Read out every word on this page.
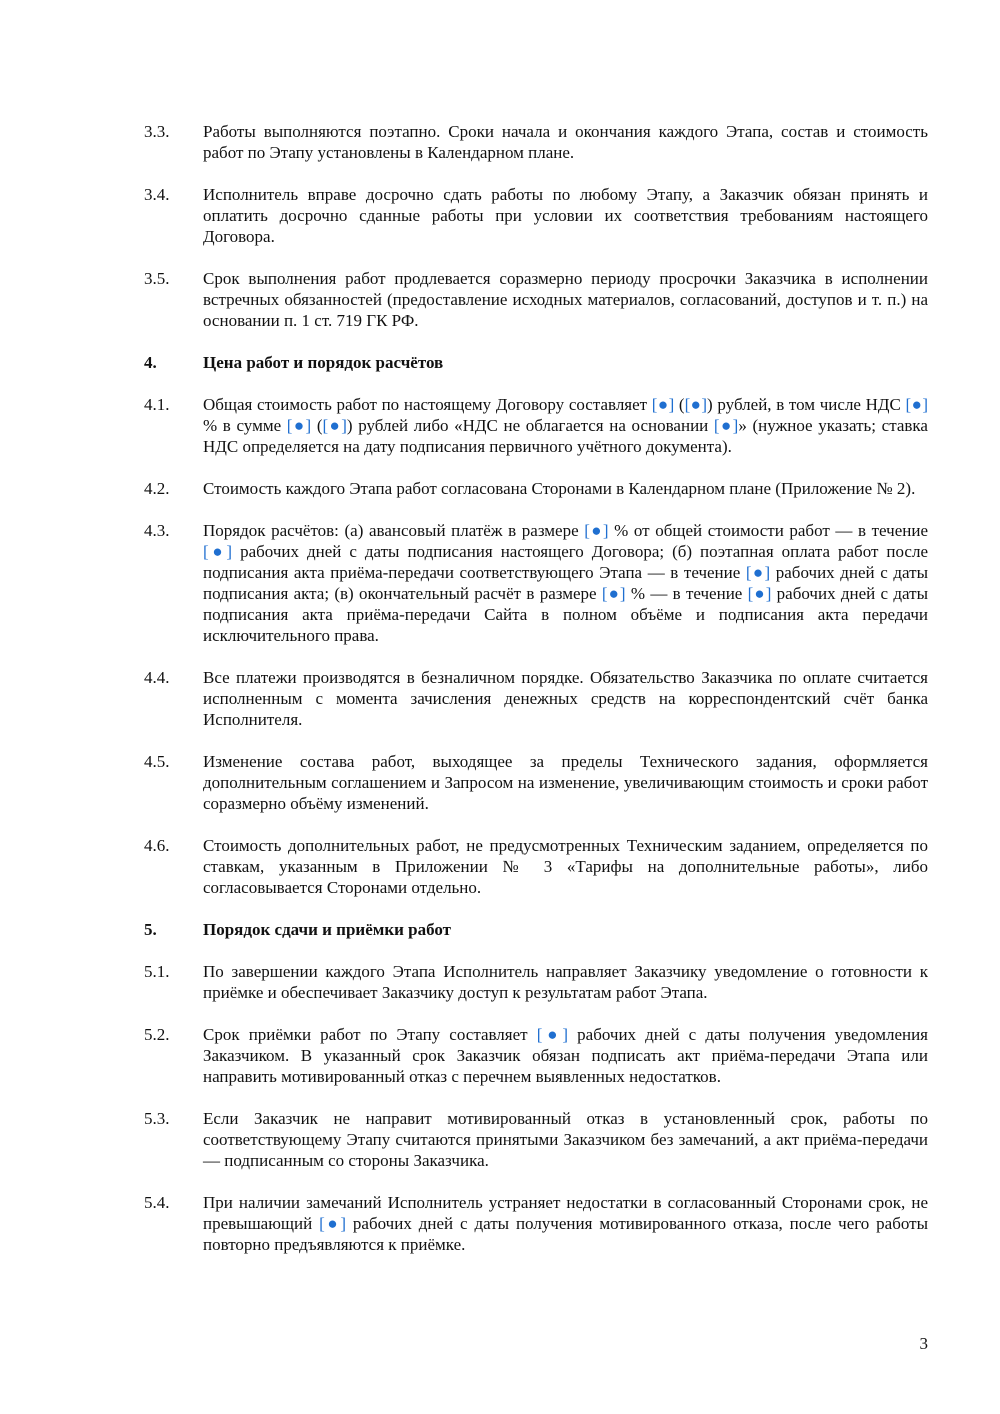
3.3.	Работы выполняются поэтапно. Сроки начала и окончания каждого Этапа, состав и стоимость работ по Этапу установлены в Календарном плане.
3.4.	Исполнитель вправе досрочно сдать работы по любому Этапу, а Заказчик обязан принять и оплатить досрочно сданные работы при условии их соответствия требованиям настоящего Договора.
3.5.	Срок выполнения работ продлевается соразмерно периоду просрочки Заказчика в исполнении встречных обязанностей (предоставление исходных материалов, согласований, доступов и т. п.) на основании п. 1 ст. 719 ГК РФ.
4.	Цена работ и порядок расчётов
4.1.	Общая стоимость работ по настоящему Договору составляет [●] ([●]) рублей, в том числе НДС [●] % в сумме [●] ([●]) рублей либо «НДС не облагается на основании [●]» (нужное указать; ставка НДС определяется на дату подписания первичного учётного документа).
4.2.	Стоимость каждого Этапа работ согласована Сторонами в Календарном плане (Приложение № 2).
4.3.	Порядок расчётов: (а) авансовый платёж в размере [●] % от общей стоимости работ — в течение [●] рабочих дней с даты подписания настоящего Договора; (б) поэтапная оплата работ после подписания акта приёма-передачи соответствующего Этапа — в течение [●] рабочих дней с даты подписания акта; (в) окончательный расчёт в размере [●] % — в течение [●] рабочих дней с даты подписания акта приёма-передачи Сайта в полном объёме и подписания акта передачи исключительного права.
4.4.	Все платежи производятся в безналичном порядке. Обязательство Заказчика по оплате считается исполненным с момента зачисления денежных средств на корреспондентский счёт банка Исполнителя.
4.5.	Изменение состава работ, выходящее за пределы Технического задания, оформляется дополнительным соглашением и Запросом на изменение, увеличивающим стоимость и сроки работ соразмерно объёму изменений.
4.6.	Стоимость дополнительных работ, не предусмотренных Техническим заданием, определяется по ставкам, указанным в Приложении № 3 «Тарифы на дополнительные работы», либо согласовывается Сторонами отдельно.
5.	Порядок сдачи и приёмки работ
5.1.	По завершении каждого Этапа Исполнитель направляет Заказчику уведомление о готовности к приёмке и обеспечивает Заказчику доступ к результатам работ Этапа.
5.2.	Срок приёмки работ по Этапу составляет [●] рабочих дней с даты получения уведомления Заказчиком. В указанный срок Заказчик обязан подписать акт приёма-передачи Этапа или направить мотивированный отказ с перечнем выявленных недостатков.
5.3.	Если Заказчик не направит мотивированный отказ в установленный срок, работы по соответствующему Этапу считаются принятыми Заказчиком без замечаний, а акт приёма-передачи — подписанным со стороны Заказчика.
5.4.	При наличии замечаний Исполнитель устраняет недостатки в согласованный Сторонами срок, не превышающий [●] рабочих дней с даты получения мотивированного отказа, после чего работы повторно предъявляются к приёмке.
3
